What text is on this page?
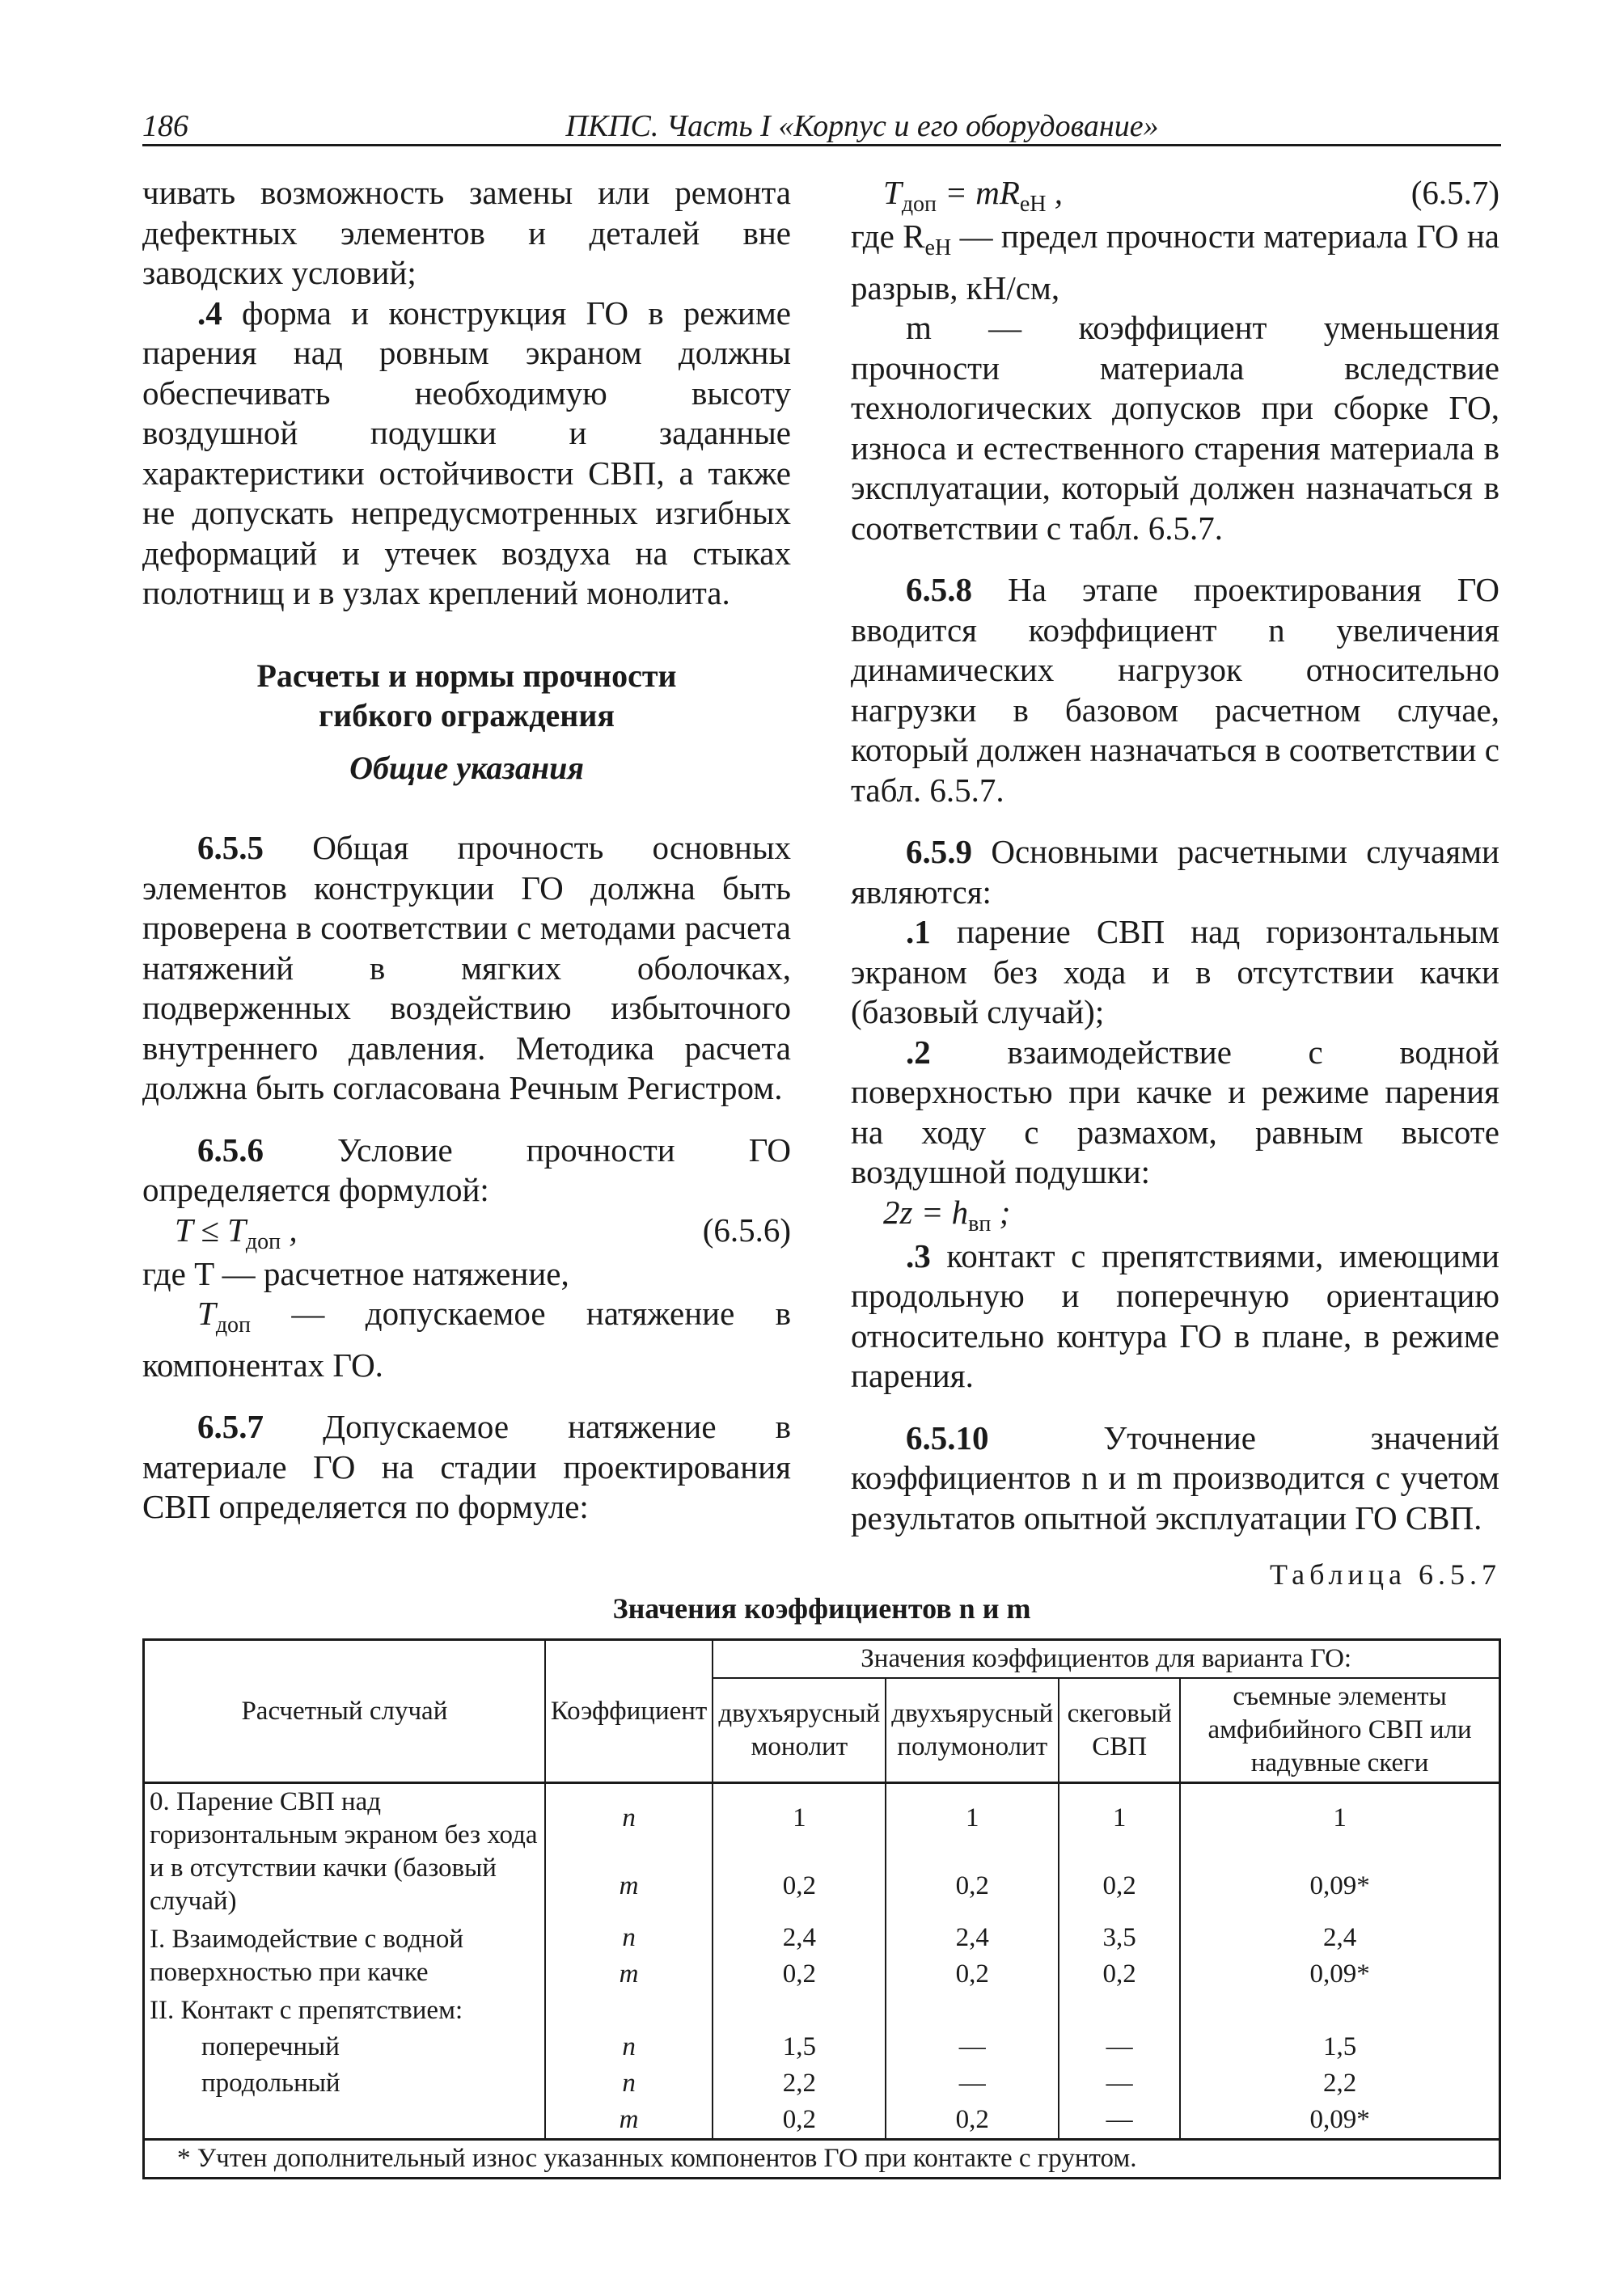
186	ПКПС. Часть I «Корпус и его оборудование»

чивать возможность замены или ремонта дефектных элементов и деталей вне заводских условий;

.4 форма и конструкция ГО в режиме парения над ровным экраном должны обеспечивать необходимую высоту воздушной подушки и заданные характеристики остойчивости СВП, а также не допускать непредусмотренных изгибных деформаций и утечек воздуха на стыках полотнищ и в узлах креплений монолита.

Расчеты и нормы прочности
гибкого ограждения
Общие указания

6.5.5 Общая прочность основных элементов конструкции ГО должна быть проверена в соответствии с методами расчета натяжений в мягких оболочках, подверженных воздействию избыточного внутреннего давления. Методика расчета должна быть согласована Речным Регистром.

6.5.6 Условие прочности ГО определяется формулой:

$T \le T_{доп}$ ,	(6.5.6)

где T — расчетное натяжение,

$T_{доп}$ — допускаемое натяжение в компонентах ГО.

6.5.7 Допускаемое натяжение в материале ГО на стадии проектирования СВП определяется по формуле:

$T_{доп} = mR_{eH}$ ,	(6.5.7)

где $R_{eH}$ — предел прочности материала ГО на разрыв, кН/см,

m — коэффициент уменьшения прочности материала вследствие технологических допусков при сборке ГО, износа и естественного старения материала в эксплуатации, который должен назначаться в соответствии с табл. 6.5.7.

6.5.8 На этапе проектирования ГО вводится коэффициент n увеличения динамических нагрузок относительно нагрузки в базовом расчетном случае, который должен назначаться в соответствии с табл. 6.5.7.

6.5.9 Основными расчетными случаями являются:

.1 парение СВП над горизонтальным экраном без хода и в отсутствии качки (базовый случай);

.2 взаимодействие с водной поверхностью при качке и режиме парения на ходу с размахом, равным высоте воздушной подушки:

$2z = h_{вп}$ ;

.3 контакт с препятствиями, имеющими продольную и поперечную ориентацию относительно контура ГО в плане, в режиме парения.

6.5.10 Уточнение значений коэффициентов n и m производится с учетом результатов опытной эксплуатации ГО СВП.

Таблица 6.5.7
Значения коэффициентов n и m
Расчетный случай	Коэффициент	Значения коэффициентов для варианта ГО:			
		двухъярусный монолит	двухъярусный полумонолит	скеговый СВП	съемные элементы амфибийного СВП или надувные скеги
0. Парение СВП над горизонтальным экраном без хода и в отсутствии качки (базовый случай)	n	1	1	1	1
	m	0,2	0,2	0,2	0,09*
I. Взаимодействие с водной поверхностью при качке	n	2,4	2,4	3,5	2,4
	m	0,2	0,2	0,2	0,09*
II. Контакт с препятствием:					
поперечный	n	1,5	—	—	1,5
продольный	n	2,2	—	—	2,2
	m	0,2	0,2	—	0,09*
* Учтен дополнительный износ указанных компонентов ГО при контакте с грунтом.					
